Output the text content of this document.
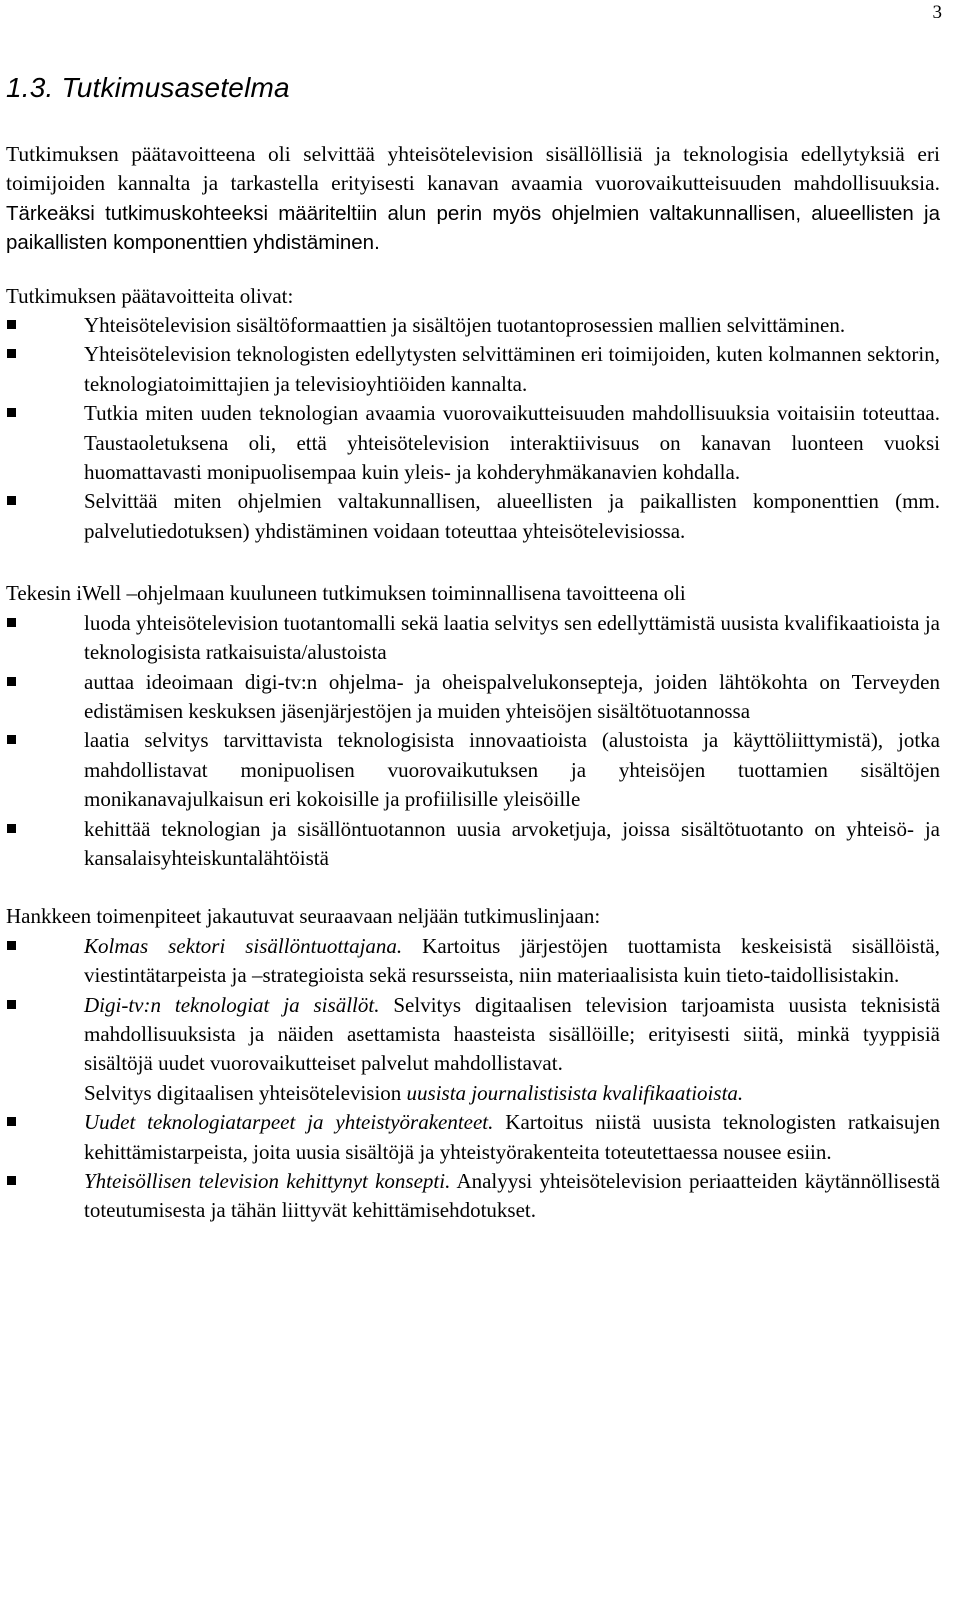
3
1.3. Tutkimusasetelma

Tutkimuksen päätavoitteena oli selvittää yhteisötelevision sisällöllisiä ja teknologisia edellytyksiä eri toimijoiden kannalta ja tarkastella erityisesti kanavan avaamia vuorovaikutteisuuden mahdollisuuksia. Tärkeäksi tutkimuskohteeksi määriteltiin alun perin myös ohjelmien valtakunnallisen, alueellisten ja paikallisten komponenttien yhdistäminen.

Tutkimuksen päätavoitteita olivat:

Yhteisötelevision sisältöformaattien ja sisältöjen tuotantoprosessien mallien selvittäminen.
Yhteisötelevision teknologisten edellytysten selvittäminen eri toimijoiden, kuten kolmannen sektorin, teknologiatoimittajien ja televisioyhtiöiden kannalta.
Tutkia miten uuden teknologian avaamia vuorovaikutteisuuden mahdollisuuksia voitaisiin toteuttaa. Taustaoletuksena oli, että yhteisötelevision interaktiivisuus on kanavan luonteen vuoksi huomattavasti monipuolisempaa kuin yleis- ja kohderyhmäkanavien kohdalla.
Selvittää miten ohjelmien valtakunnallisen, alueellisten ja paikallisten komponenttien (mm. palvelutiedotuksen) yhdistäminen voidaan toteuttaa yhteisötelevisiossa.

Tekesin iWell –ohjelmaan kuuluneen tutkimuksen toiminnallisena tavoitteena oli

luoda yhteisötelevision tuotantomalli sekä laatia selvitys sen edellyttämistä uusista kvalifikaatioista ja teknologisista ratkaisuista/alustoista
auttaa ideoimaan digi-tv:n ohjelma- ja oheispalvelukonsepteja, joiden lähtökohta on Terveyden edistämisen keskuksen jäsenjärjestöjen ja muiden yhteisöjen sisältötuotannossa
laatia selvitys tarvittavista teknologisista innovaatioista (alustoista ja käyttöliittymistä), jotka mahdollistavat monipuolisen vuorovaikutuksen ja yhteisöjen tuottamien sisältöjen monikanavajulkaisun eri kokoisille ja profiilisille yleisöille
kehittää teknologian ja sisällöntuotannon uusia arvoketjuja, joissa sisältötuotanto on yhteisö- ja kansalaisyhteiskuntalähtöistä

Hankkeen toimenpiteet jakautuvat seuraavaan neljään tutkimuslinjaan:

Kolmas sektori sisällöntuottajana. Kartoitus järjestöjen tuottamista keskeisistä sisällöistä, viestintätarpeista ja –strategioista sekä resursseista, niin materiaalisista kuin tieto-taidollisistakin.
Digi-tv:n teknologiat ja sisällöt. Selvitys digitaalisen television tarjoamista uusista teknisistä mahdollisuuksista ja näiden asettamista haasteista sisällöille; erityisesti siitä, minkä tyyppisiä sisältöjä uudet vuorovaikutteiset palvelut mahdollistavat.
Selvitys digitaalisen yhteisötelevision uusista journalistisista kvalifikaatioista.
Uudet teknologiatarpeet ja yhteistyörakenteet. Kartoitus niistä uusista teknologisten ratkaisujen kehittämistarpeista, joita uusia sisältöjä ja yhteistyörakenteita toteutettaessa nousee esiin.
Yhteisöllisen television kehittynyt konsepti. Analyysi yhteisötelevision periaatteiden käytännöllisestä toteutumisesta ja tähän liittyvät kehittämisehdotukset.
